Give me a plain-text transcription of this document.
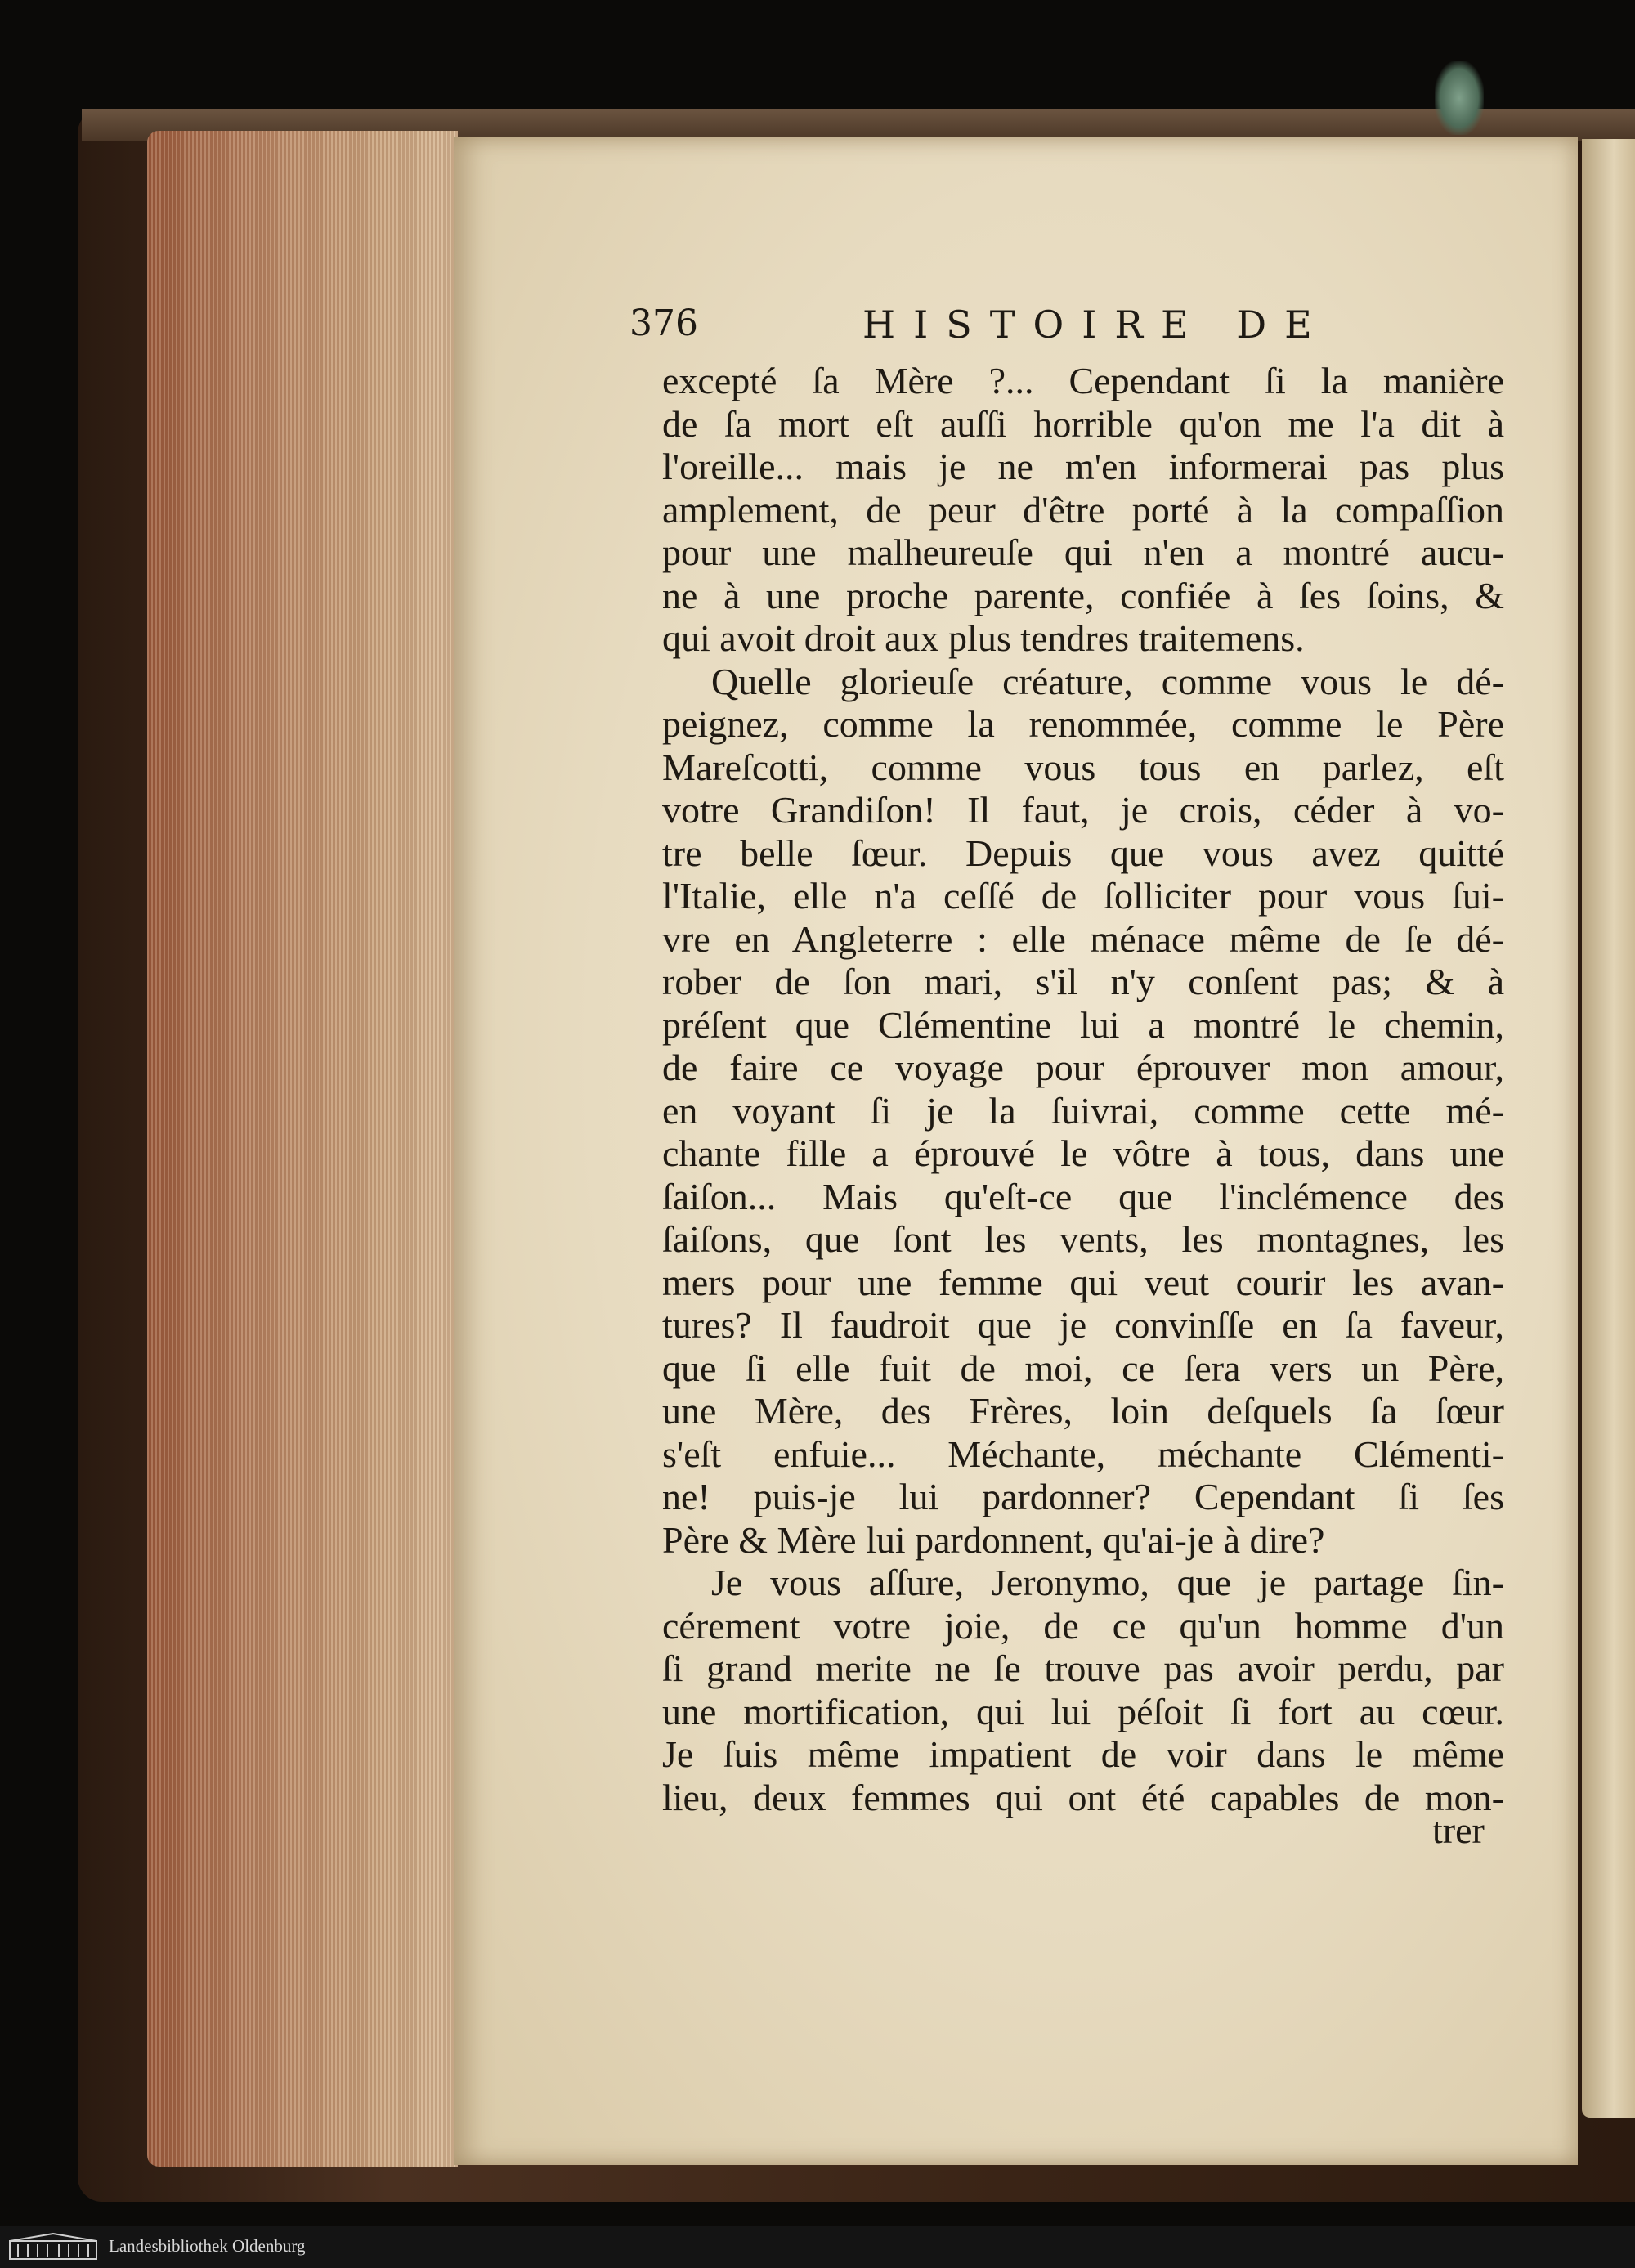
376	HISTOIRE DE
excepté ſa Mère ?... Cependant ſi la manière
de ſa mort eſt auſſi horrible qu'on me l'a dit à
l'oreille... mais je ne m'en informerai pas plus
amplement, de peur d'être porté à la compaſſion
pour une malheureuſe qui n'en a montré aucu-
ne à une proche parente, confiée à ſes ſoins, &
qui avoit droit aux plus tendres traitemens.
Quelle glorieuſe créature, comme vous le dé-
peignez, comme la renommée, comme le Père
Mareſcotti, comme vous tous en parlez, eſt
votre Grandiſon! Il faut, je crois, céder à vo-
tre belle ſœur. Depuis que vous avez quitté
l'Italie, elle n'a ceſſé de ſolliciter pour vous ſui-
vre en Angleterre : elle ménace même de ſe dé-
rober de ſon mari, s'il n'y conſent pas; & à
préſent que Clémentine lui a montré le chemin,
de faire ce voyage pour éprouver mon amour,
en voyant ſi je la ſuivrai, comme cette mé-
chante fille a éprouvé le vôtre à tous, dans une
ſaiſon... Mais qu'eſt-ce que l'inclémence des
ſaiſons, que ſont les vents, les montagnes, les
mers pour une femme qui veut courir les avan-
tures? Il faudroit que je convinſſe en ſa faveur,
que ſi elle fuit de moi, ce ſera vers un Père,
une Mère, des Frères, loin deſquels ſa ſœur
s'eſt enfuie... Méchante, méchante Clémenti-
ne! puis-je lui pardonner? Cependant ſi ſes
Père & Mère lui pardonnent, qu'ai-je à dire?
Je vous aſſure, Jeronymo, que je partage ſin-
cérement votre joie, de ce qu'un homme d'un
ſi grand merite ne ſe trouve pas avoir perdu, par
une mortification, qui lui péſoit ſi fort au cœur.
Je ſuis même impatient de voir dans le même
lieu, deux femmes qui ont été capables de mon-
trer
Landesbibliothek Oldenburg
